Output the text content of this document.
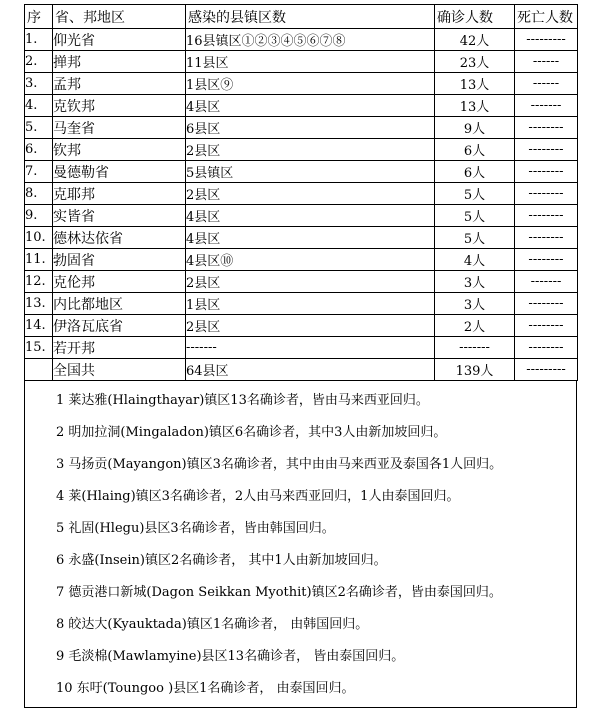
序	省、邦地区	感染的县镇区数	确诊人数	死亡人数
1.	仰光省	16县镇区①②③④⑤⑥⑦⑧	42人	---------
2.	掸邦	11县区	23人	------
3.	孟邦	1县区⑨	13人	------
4.	克钦邦	4县区	13人	-------
5.	马奎省	6县区	9人	--------
6.	钦邦	2县区	6人	--------
7.	曼德勒省	5县镇区	6人	--------
8.	克耶邦	2县区	5人	--------
9.	实皆省	4县区	5人	--------
10.	德林达依省	4县区	5人	--------
11.	勃固省	4县区⑩	4人	--------
12.	克伦邦	2县区	3人	-------
13.	内比都地区	1县区	3人	--------
14.	伊洛瓦底省	2县区	2人	--------
15.	若开邦	-------	-------	--------
	全国共	64县区	139人	---------
1 莱达雅(Hlaingthayar)镇区13名确诊者，皆由马来西亚回归。
2 明加拉洞(Mingaladon)镇区6名确诊者，其中3人由新加坡回归。
3 马扬贡(Mayangon)镇区3名确诊者，其中由由马来西亚及泰国各1人回归。
4 莱(Hlaing)镇区3名确诊者，2人由马来西亚回归，1人由泰国回归。
5 礼固(Hlegu)县区3名确诊者，皆由韩国回归。
6 永盛(Insein)镇区2名确诊者， 其中1人由新加坡回归。
7 德贡港口新城(Dagon Seikkan Myothit)镇区2名确诊者，皆由泰国回归。
8 皎达大(Kyauktada)镇区1名确诊者， 由韩国回归。
9 毛淡棉(Mawlamyine)县区13名确诊者， 皆由泰国回归。
10 东吁(Toungoo )县区1名确诊者， 由泰国回归。
